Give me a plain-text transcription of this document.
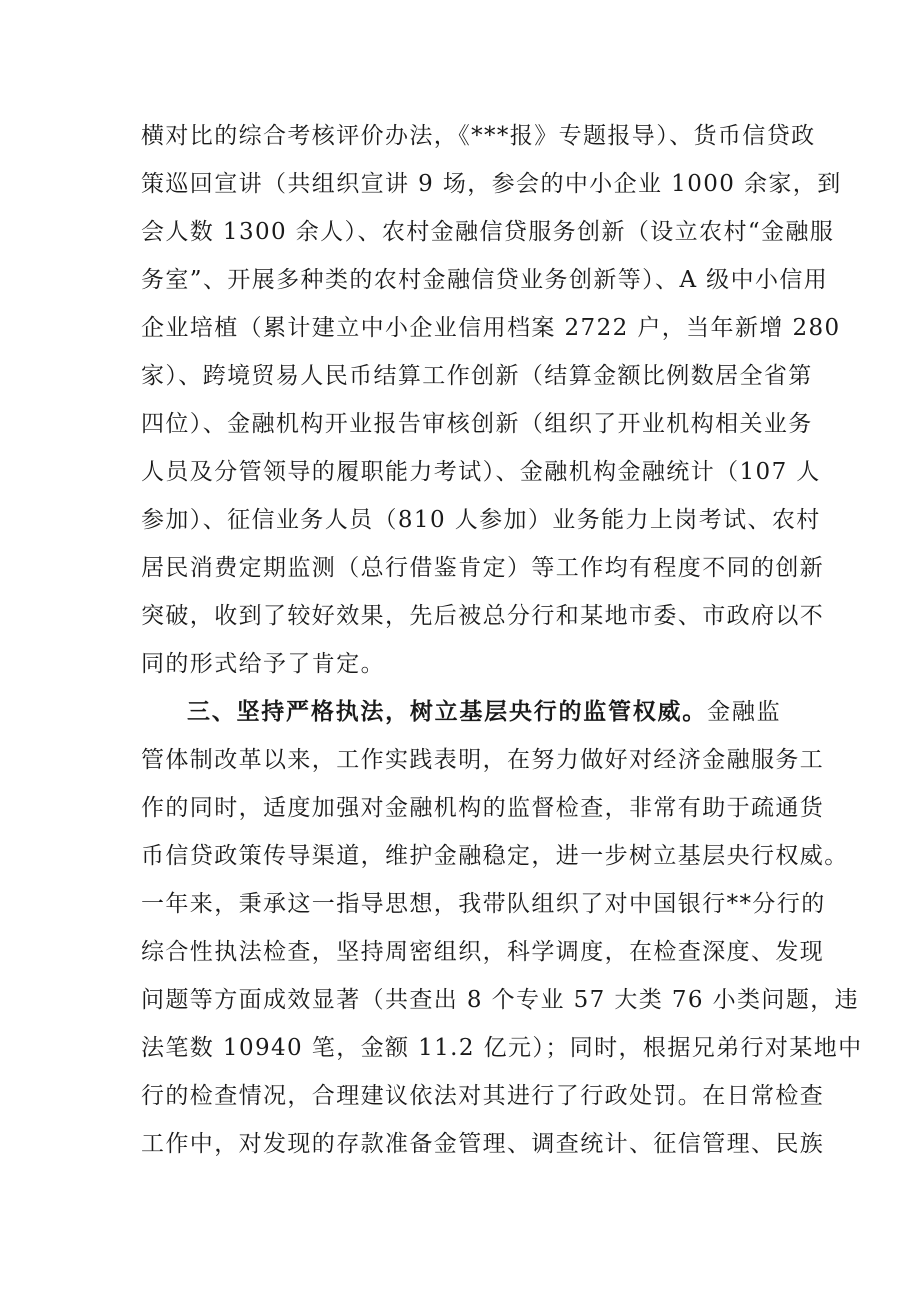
横对比的综合考核评价办法，《***报》专题报导）、货币信贷政
策巡回宣讲（共组织宣讲 9 场，参会的中小企业 1000 余家，到
会人数 1300 余人）、农村金融信贷服务创新（设立农村“金融服
务室”、开展多种类的农村金融信贷业务创新等）、A 级中小信用
企业培植（累计建立中小企业信用档案 2722 户，当年新增 280
家）、跨境贸易人民币结算工作创新（结算金额比例数居全省第
四位）、金融机构开业报告审核创新（组织了开业机构相关业务
人员及分管领导的履职能力考试）、金融机构金融统计（107 人
参加）、征信业务人员（810 人参加）业务能力上岗考试、农村
居民消费定期监测（总行借鉴肯定）等工作均有程度不同的创新
突破，收到了较好效果，先后被总分行和某地市委、市政府以不
同的形式给予了肯定。
三、坚持严格执法，树立基层央行的监管权威。金融监
管体制改革以来，工作实践表明，在努力做好对经济金融服务工
作的同时，适度加强对金融机构的监督检查，非常有助于疏通货
币信贷政策传导渠道，维护金融稳定，进一步树立基层央行权威。
一年来，秉承这一指导思想，我带队组织了对中国银行**分行的
综合性执法检查，坚持周密组织，科学调度，在检查深度、发现
问题等方面成效显著（共查出 8 个专业 57 大类 76 小类问题，违
法笔数 10940 笔，金额 11.2 亿元）；同时，根据兄弟行对某地中
行的检查情况，合理建议依法对其进行了行政处罚。在日常检查
工作中，对发现的存款准备金管理、调查统计、征信管理、民族
